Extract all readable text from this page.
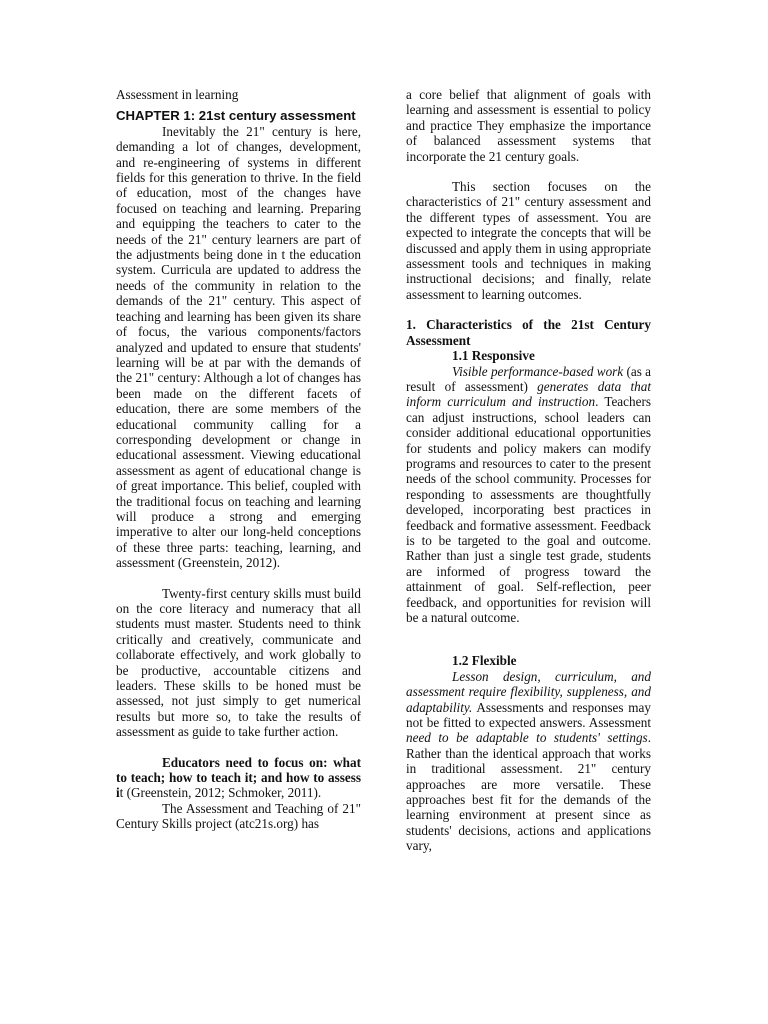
Assessment in learning

CHAPTER 1: 21st century assessment

Inevitably the 21" century is here, demanding a lot of changes, development, and re-engineering of systems in different fields for this generation to thrive. In the field of education, most of the changes have focused on teaching and learning. Preparing and equipping the teachers to cater to the needs of the 21" century learners are part of the adjustments being done in t the education system. Curricula are updated to address the needs of the community in relation to the demands of the 21" century. This aspect of teaching and learning has been given its share of focus, the various components/factors analyzed and updated to ensure that students' learning will be at par with the demands of the 21" century: Although a lot of changes has been made on the different facets of education, there are some members of the educational community calling for a corresponding development or change in educational assessment. Viewing educational assessment as agent of educational change is of great importance. This belief, coupled with the traditional focus on teaching and learning will produce a strong and emerging imperative to alter our long-held conceptions of these three parts: teaching, learning, and assessment (Greenstein, 2012).

Twenty-first century skills must build on the core literacy and numeracy that all students must master. Students need to think critically and creatively, communicate and collaborate effectively, and work globally to be productive, accountable citizens and leaders. These skills to be honed must be assessed, not just simply to get numerical results but more so, to take the results of assessment as guide to take further action.

Educators need to focus on: what to teach; how to teach it; and how to assess it (Greenstein, 2012; Schmoker, 2011).

The Assessment and Teaching of 21" Century Skills project (atc21s.org) has

a core belief that alignment of goals with learning and assessment is essential to policy and practice They emphasize the importance of balanced assessment systems that incorporate the 21 century goals.

This section focuses on the characteristics of 21" century assessment and the different types of assessment. You are expected to integrate the concepts that will be discussed and apply them in using appropriate assessment tools and techniques in making instructional decisions; and finally, relate assessment to learning outcomes.

1. Characteristics of the 21st Century Assessment

1.1 Responsive

Visible performance-based work (as a result of assessment) generates data that inform curriculum and instruction. Teachers can adjust instructions, school leaders can consider additional educational opportunities for students and policy makers can modify programs and resources to cater to the present needs of the school community. Processes for responding to assessments are thoughtfully developed, incorporating best practices in feedback and formative assessment. Feedback is to be targeted to the goal and outcome. Rather than just a single test grade, students are informed of progress toward the attainment of goal. Self-reflection, peer feedback, and opportunities for revision will be a natural outcome.

1.2 Flexible

Lesson design, curriculum, and assessment require flexibility, suppleness, and adaptability. Assessments and responses may not be fitted to expected answers. Assessment need to be adaptable to students' settings. Rather than the identical approach that works in traditional assessment. 21" century approaches are more versatile. These approaches best fit for the demands of the learning environment at present since as students' decisions, actions and applications vary,
